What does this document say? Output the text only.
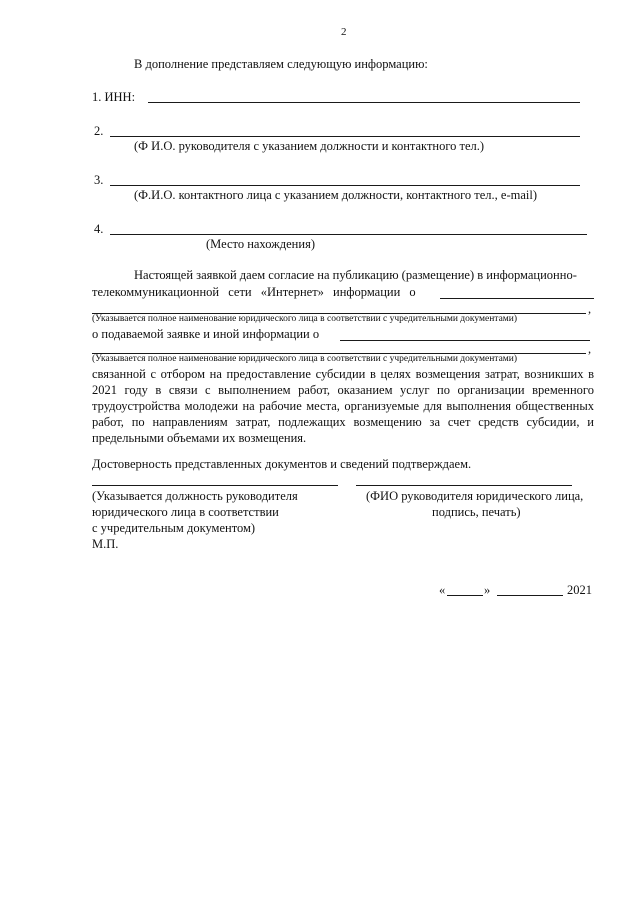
2
В дополнение представляем следующую информацию:
1. ИНН:
2.
(Ф И.О. руководителя с указанием должности и контактного тел.)
3.
(Ф.И.О. контактного лица с указанием должности, контактного тел., e-mail)
4.
(Место нахождения)
Настоящей заявкой даем согласие на публикацию (размещение) в информационно-
телекоммуникационной сети «Интернет» информации о
,
(Указывается полное наименование юридического лица в соответствии с учредительными документами)
о подаваемой заявке и иной информации о
,
(Указывается полное наименование юридического лица в соответствии с учредительными документами)
связанной с отбором на предоставление субсидии в целях возмещения затрат, возникших в 2021 году в связи с выполнением работ, оказанием услуг по организации временного трудоустройства молодежи на рабочие места, организуемые для выполнения общественных работ, по направлениям затрат, подлежащих возмещению за счет средств субсидии, и предельными объемами их возмещения.
Достоверность представленных документов и сведений подтверждаем.
(Указывается должность руководителя
юридического лица в соответствии
с учредительным документом)
М.П.
(ФИО руководителя юридического лица,
подпись, печать)
«	»	2021
